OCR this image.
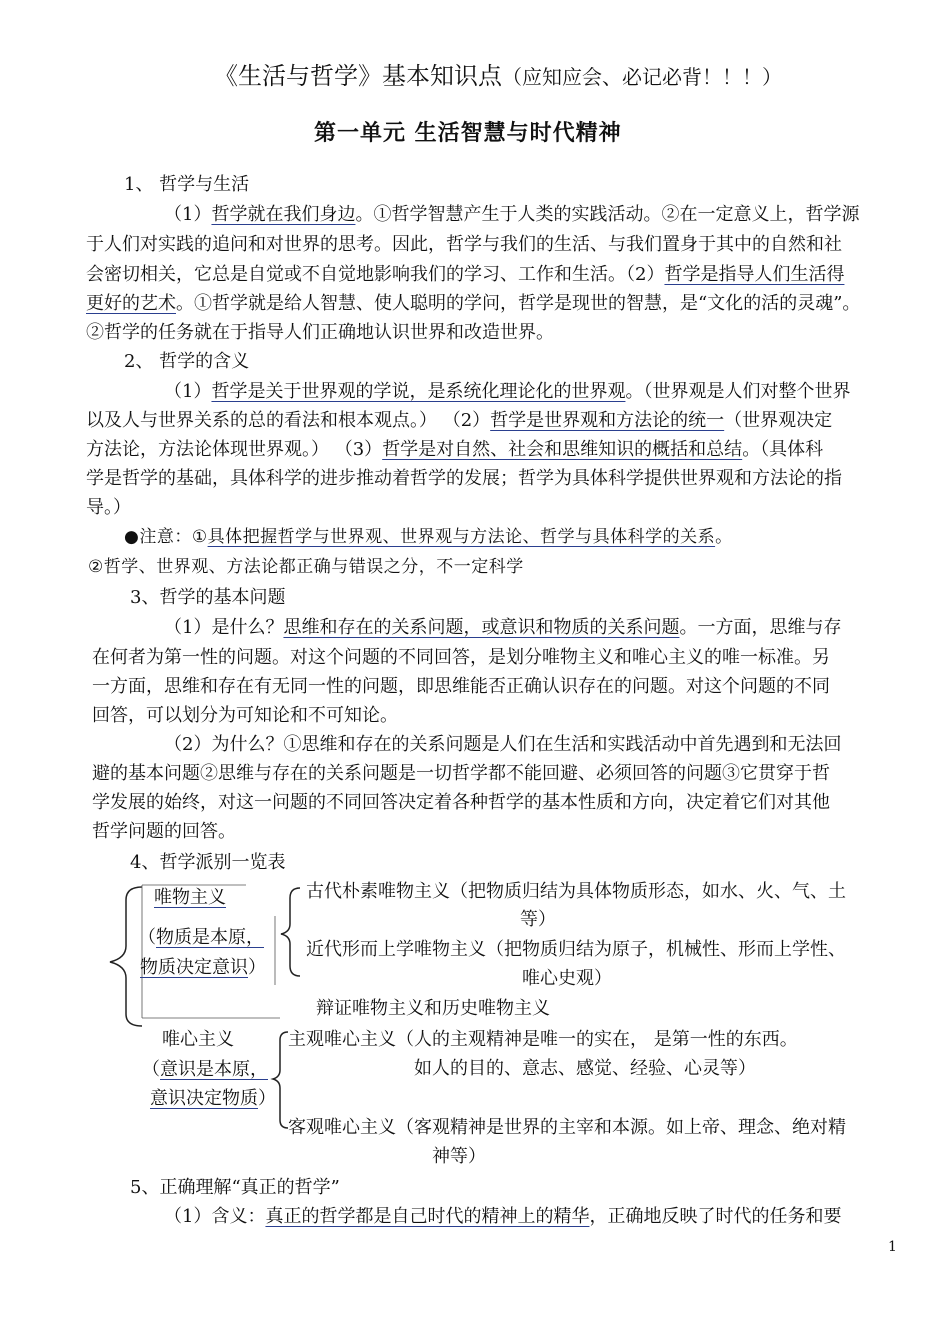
《生活与哲学》基本知识点（应知应会、必记必背！！！）
第一单元 生活智慧与时代精神
1、 哲学与生活
（1）哲学就在我们身边。①哲学智慧产生于人类的实践活动。②在一定意义上，哲学源
于人们对实践的追问和对世界的思考。因此，哲学与我们的生活、与我们置身于其中的自然和社
会密切相关，它总是自觉或不自觉地影响我们的学习、工作和生活。（2）哲学是指导人们生活得
更好的艺术。①哲学就是给人智慧、使人聪明的学问，哲学是现世的智慧，是“文化的活的灵魂”。
②哲学的任务就在于指导人们正确地认识世界和改造世界。
2、 哲学的含义
（1）哲学是关于世界观的学说，是系统化理论化的世界观。（世界观是人们对整个世界
以及人与世界关系的总的看法和根本观点。） （2）哲学是世界观和方法论的统一（世界观决定
方法论，方法论体现世界观。） （3）哲学是对自然、社会和思维知识的概括和总结。（具体科
学是哲学的基础，具体科学的进步推动着哲学的发展；哲学为具体科学提供世界观和方法论的指
导。）
●注意：①具体把握哲学与世界观、世界观与方法论、哲学与具体科学的关系。
②哲学、世界观、方法论都正确与错误之分，不一定科学
3、哲学的基本问题
（1）是什么？思维和存在的关系问题，或意识和物质的关系问题。一方面，思维与存
在何者为第一性的问题。对这个问题的不同回答，是划分唯物主义和唯心主义的唯一标准。另
一方面，思维和存在有无同一性的问题，即思维能否正确认识存在的问题。对这个问题的不同
回答，可以划分为可知论和不可知论。
（2）为什么？①思维和存在的关系问题是人们在生活和实践活动中首先遇到和无法回
避的基本问题②思维与存在的关系问题是一切哲学都不能回避、必须回答的问题③它贯穿于哲
学发展的始终，对这一问题的不同回答决定着各种哲学的基本性质和方向，决定着它们对其他
哲学问题的回答。
4、哲学派别一览表
唯物主义
（物质是本原，
物质决定意识）
古代朴素唯物主义（把物质归结为具体物质形态，如水、火、气、土
等）
近代形而上学唯物主义（把物质归结为原子，机械性、形而上学性、
唯心史观）
辩证唯物主义和历史唯物主义
唯心主义
（意识是本原，
意识决定物质）
主观唯心主义（人的主观精神是唯一的实在， 是第一性的东西。
如人的目的、意志、感觉、经验、心灵等）
客观唯心主义（客观精神是世界的主宰和本源。如上帝、理念、绝对精
神等）
5、正确理解“真正的哲学”
（1）含义：真正的哲学都是自己时代的精神上的精华，正确地反映了时代的任务和要
1
